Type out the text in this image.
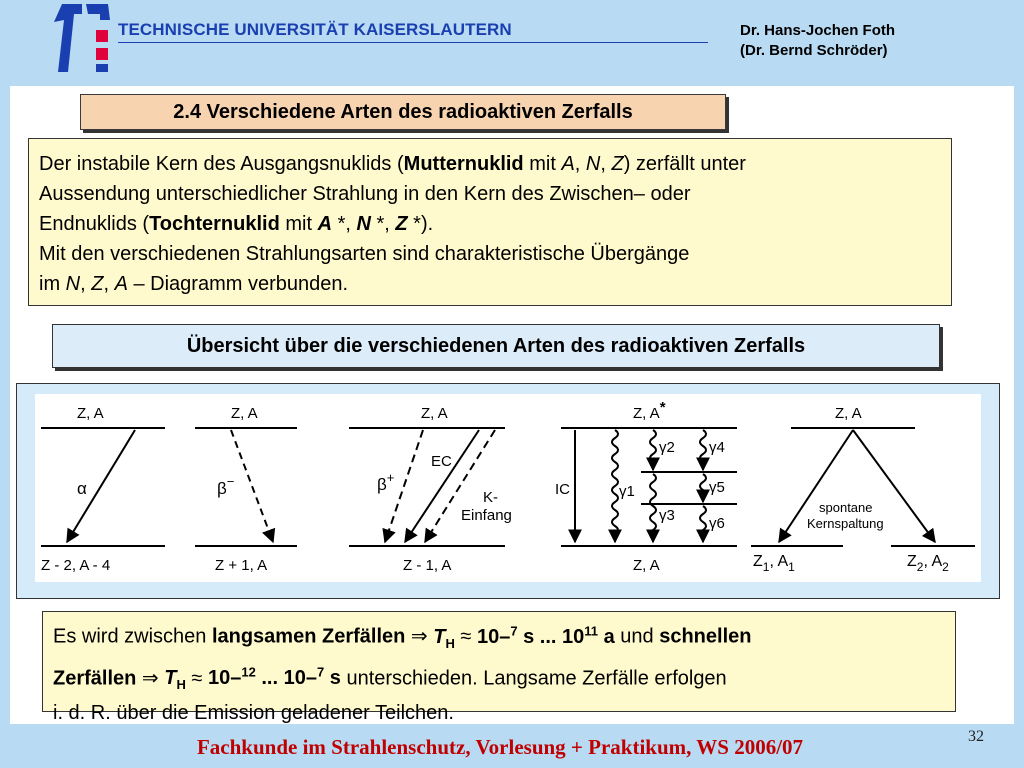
TECHNISCHE UNIVERSITÄT KAISERSLAUTERN	Dr. Hans-Jochen Foth
(Dr. Bernd Schröder)
2.4 Verschiedene Arten des radioaktiven Zerfalls

Der instabile Kern des Ausgangsnuklids (Mutternuklid mit A, N, Z) zerfällt unter

Aussendung unterschiedlicher Strahlung in den Kern des Zwischen– oder

Endnuklids (Tochternuklid mit A *, N *, Z *).

Mit den verschiedenen Strahlungsarten sind charakteristische Übergänge

im N, Z, A – Diagramm verbunden.

Übersicht über die verschiedenen Arten des radioaktiven Zerfalls
Z, A
Z - 2, A - 4
α
Z, A
Z + 1, A
β−
Z, A
Z - 1, A
β+
EC
K-
Einfang
Z, A*
Z, A
IC	γ1
γ2
γ3
γ4
γ5
γ6
Z, A
spontane
Kernspaltung
$Z_1$, $A_1$	$Z_2$, $A_2$

Es wird zwischen langsamen Zerfällen ⇒ $T_H \approx 10-^7$ s ... $10^{11}$ a und schnellen

Zerfällen ⇒ $T_H \approx 10-^{12}$ ... 10–$^7$ s unterschieden. Langsame Zerfälle erfolgen

i. d. R. über die Emission geladener Teilchen.

Fachkunde im Strahlenschutz, Vorlesung + Praktikum, WS 2006/07	32
